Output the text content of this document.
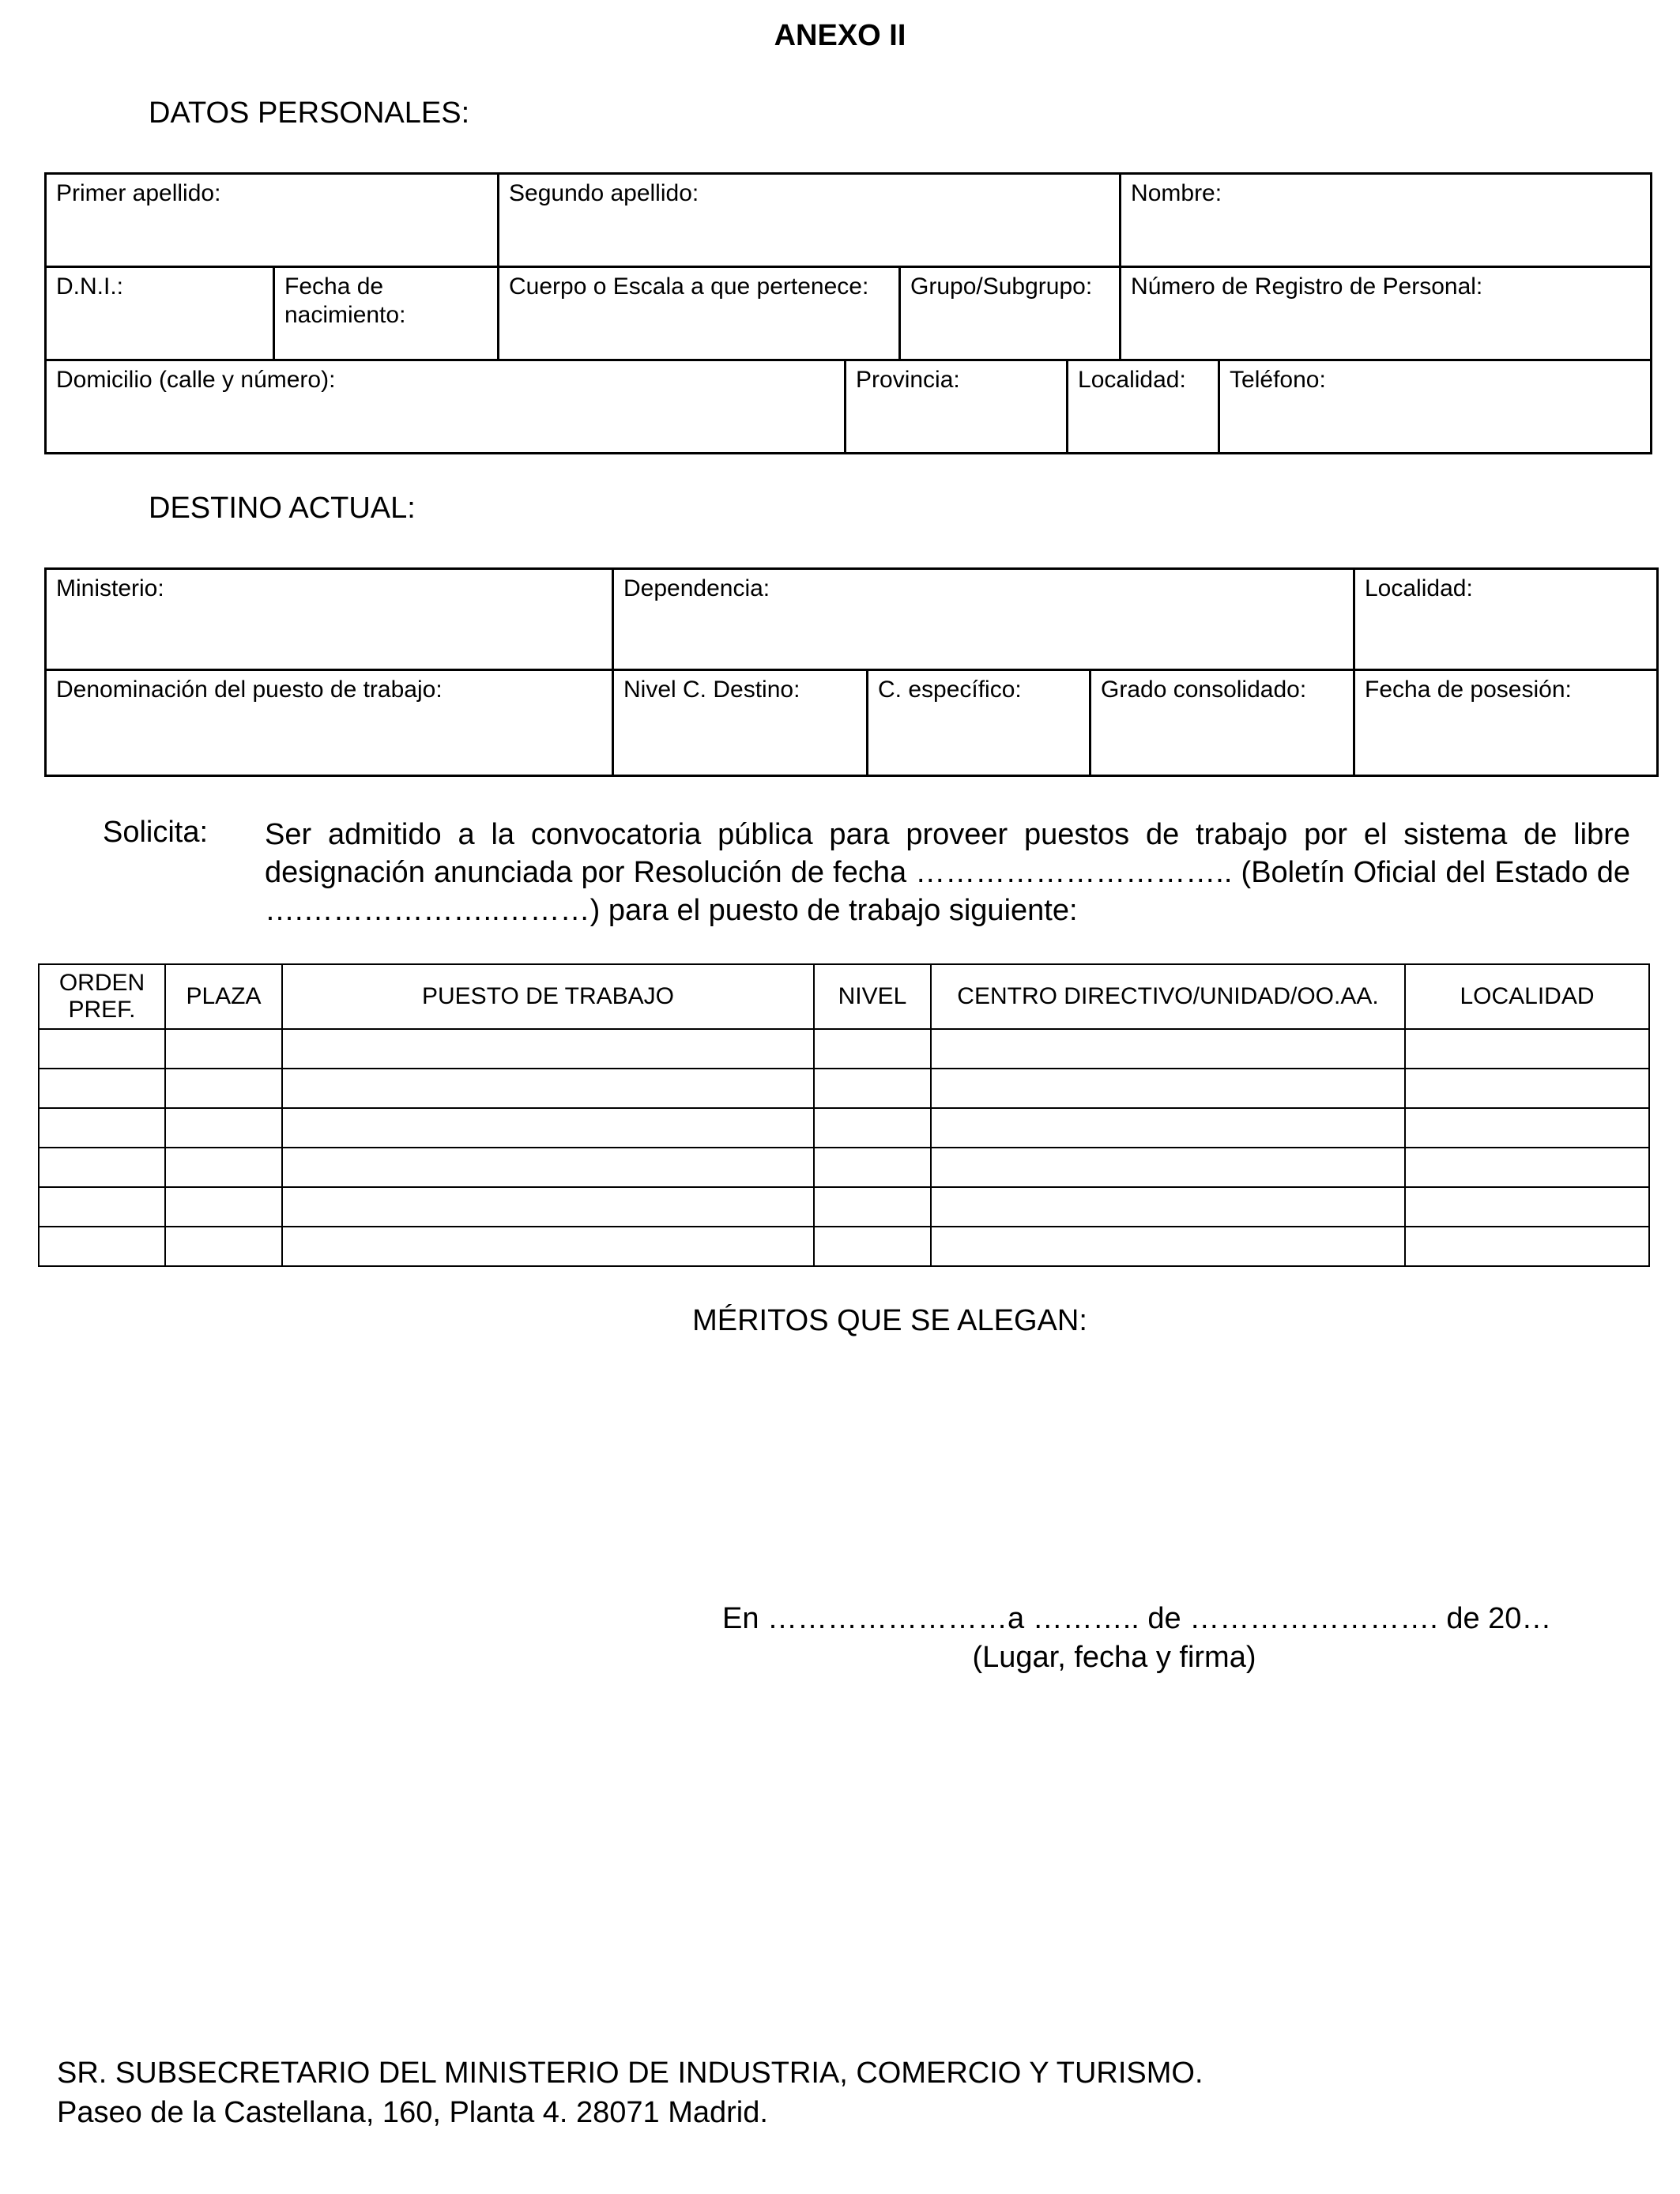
ANEXO II
DATOS PERSONALES:
Primer apellido:		Segundo apellido:				Nombre:	
D.N.I.:	Fecha de nacimiento:	Cuerpo o Escala a que pertenece:		Grupo/Subgrupo:		Número de Registro de Personal:	
Domicilio (calle y número):			Provincia:		Localidad:		Teléfono:
DESTINO ACTUAL:
Ministerio:	Dependencia:			Localidad:
Denominación del puesto de trabajo:	Nivel C. Destino:	C. específico:	Grado consolidado:	Fecha de posesión:
Solicita: Ser admitido a la convocatoria pública para proveer puestos de trabajo por el sistema de libre designación anunciada por Resolución de fecha ………………………….. (Boletín Oficial del Estado de ….………………..………) para el puesto de trabajo siguiente:
ORDEN PREF.	PLAZA	PUESTO DE TRABAJO	NIVEL	CENTRO DIRECTIVO/UNIDAD/OO.AA.	LOCALIDAD

MÉRITOS QUE SE ALEGAN:
En ……………………a ……….. de ……………………. de 20…
(Lugar, fecha y firma)
SR. SUBSECRETARIO DEL MINISTERIO DE INDUSTRIA, COMERCIO Y TURISMO.
Paseo de la Castellana, 160, Planta 4. 28071 Madrid.
